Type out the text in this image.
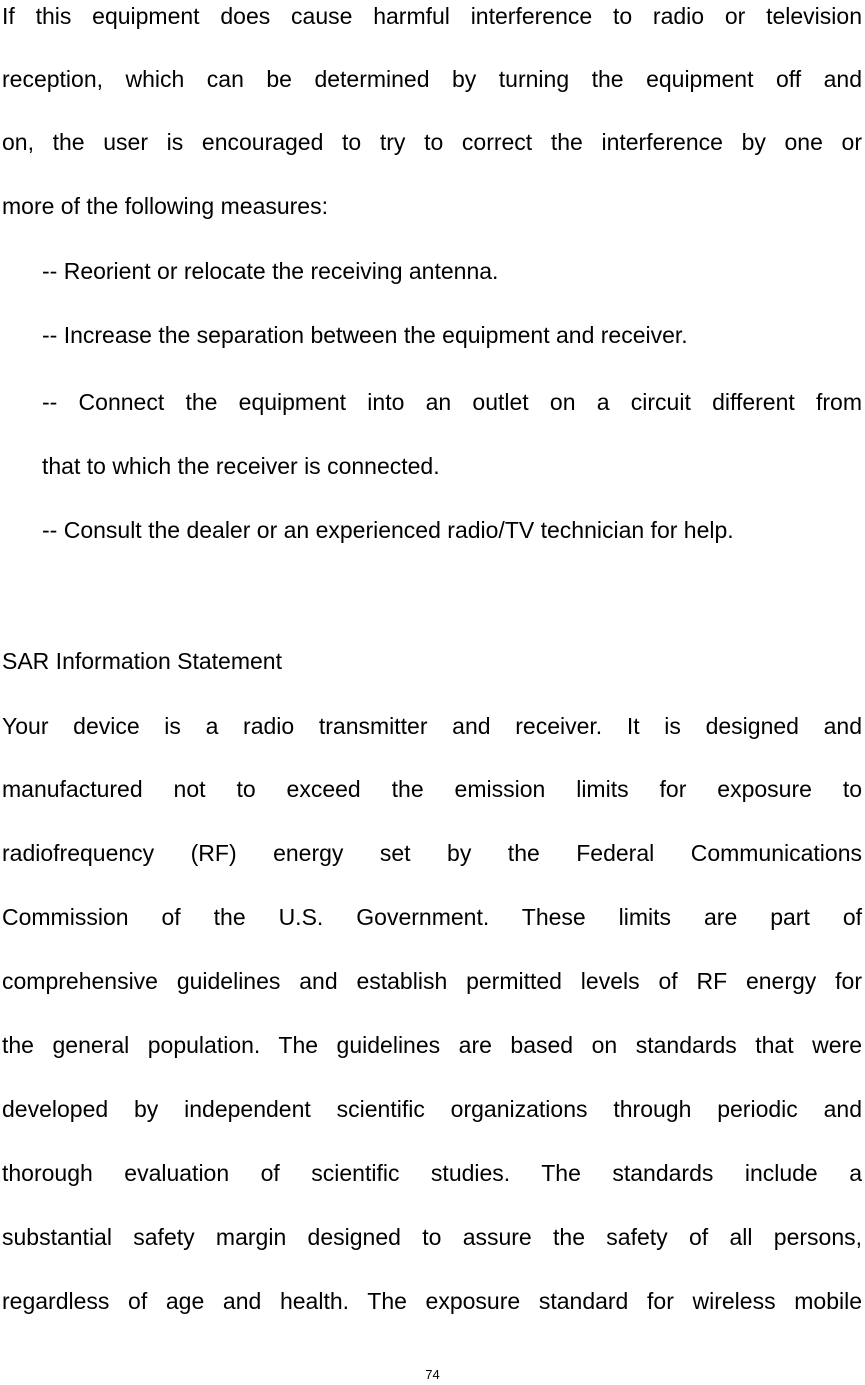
If this equipment does cause harmful interference to radio or television
reception, which can be determined by turning the equipment off and
on, the user is encouraged to try to correct the interference by one or
more of the following measures:
-- Reorient or relocate the receiving antenna.
-- Increase the separation between the equipment and receiver.
-- Connect the equipment into an outlet on a circuit different from
that to which the receiver is connected.
-- Consult the dealer or an experienced radio/TV technician for help.
SAR Information Statement
Your device is a radio transmitter and receiver. It is designed and
manufactured not to exceed the emission limits for exposure to
radiofrequency (RF) energy set by the Federal Communications
Commission of the U.S. Government. These limits are part of
comprehensive guidelines and establish permitted levels of RF energy for
the general population. The guidelines are based on standards that were
developed by independent scientific organizations through periodic and
thorough evaluation of scientific studies. The standards include a
substantial safety margin designed to assure the safety of all persons,
regardless of age and health. The exposure standard for wireless mobile
74
